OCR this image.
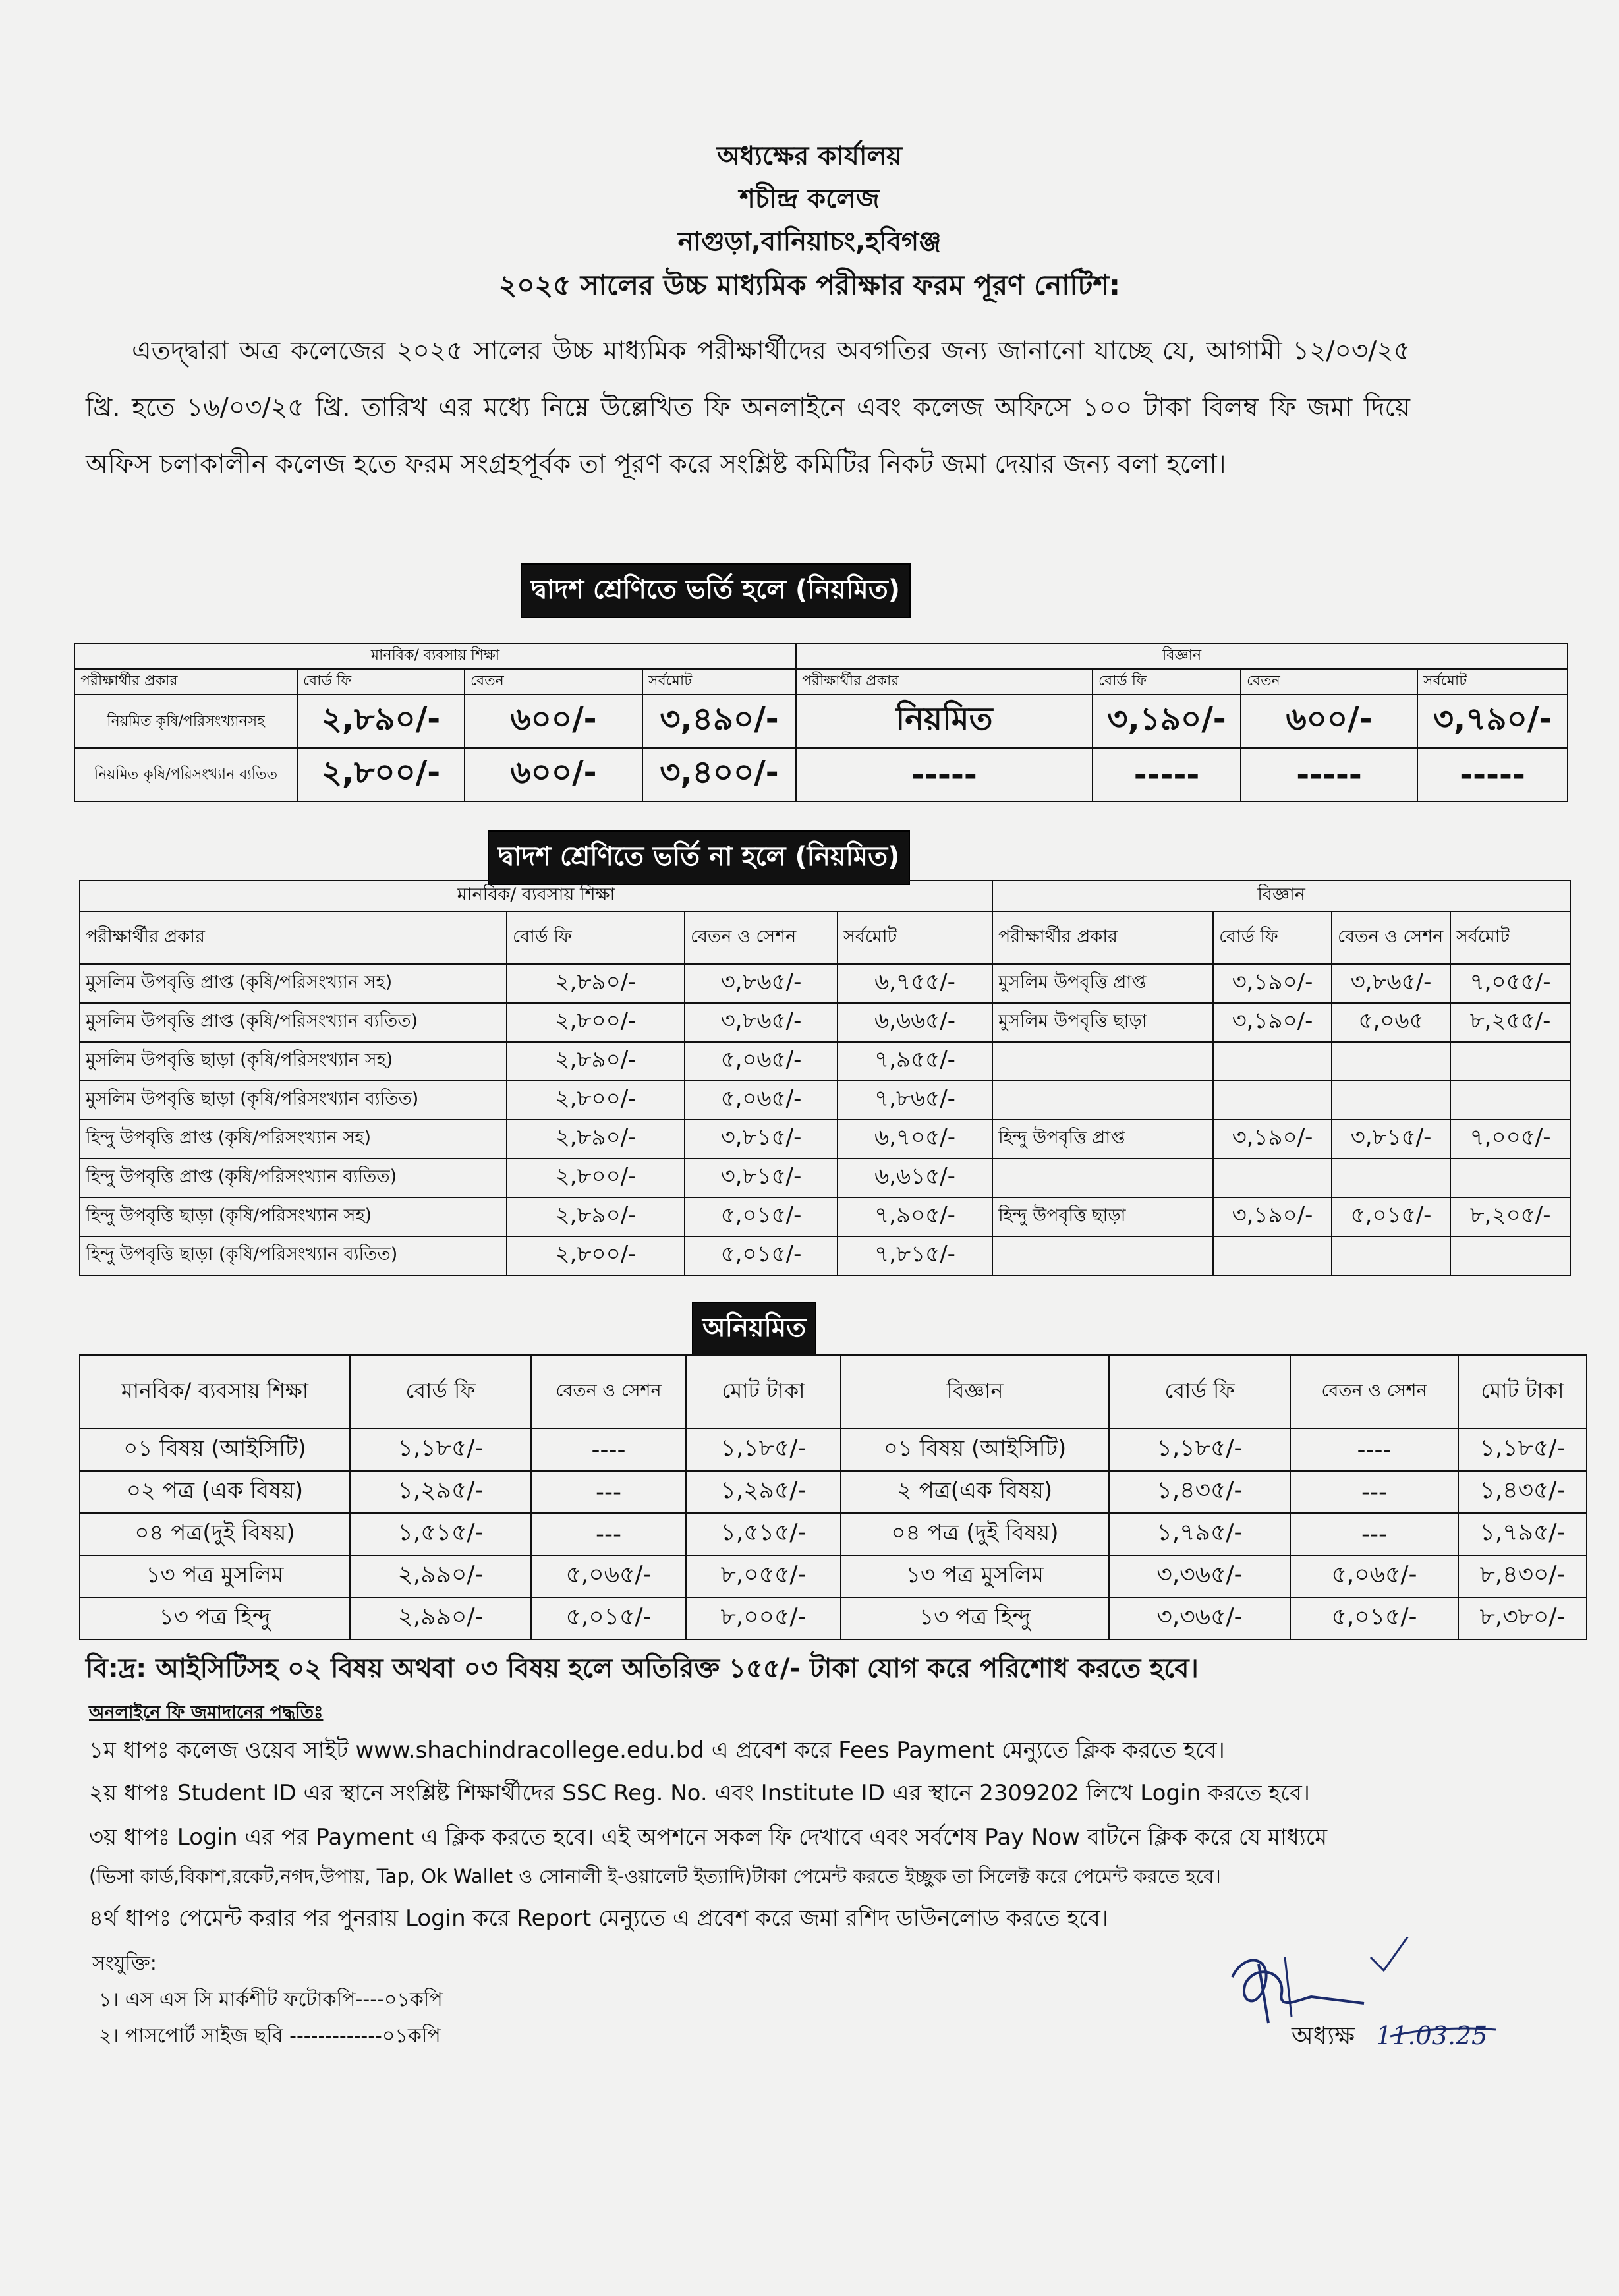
অধ্যক্ষের কার্যালয়
শচীন্দ্র কলেজ
নাগুড়া,বানিয়াচং,হবিগঞ্জ
২০২৫ সালের উচ্চ মাধ্যমিক পরীক্ষার ফরম পূরণ নোটিশ:
এতদ্দ্বারা অত্র কলেজের ২০২৫ সালের উচ্চ মাধ্যমিক পরীক্ষার্থীদের অবগতির জন্য জানানো যাচ্ছে যে, আগামী ১২/০৩/২৫ খ্রি. হতে ১৬/০৩/২৫ খ্রি. তারিখ এর মধ্যে নিম্নে উল্লেখিত ফি অনলাইনে এবং কলেজ অফিসে ১০০ টাকা বিলম্ব ফি জমা দিয়ে অফিস চলাকালীন কলেজ হতে ফরম সংগ্রহপূর্বক তা পূরণ করে সংশ্লিষ্ট কমিটির নিকট জমা দেয়ার জন্য বলা হলো।
দ্বাদশ শ্রেণিতে ভর্তি হলে (নিয়মিত)
মানবিক/ ব্যবসায় শিক্ষা				বিজ্ঞান			
পরীক্ষার্থীর প্রকার	বোর্ড ফি	বেতন	সর্বমোট	পরীক্ষার্থীর প্রকার	বোর্ড ফি	বেতন	সর্বমোট
নিয়মিত কৃষি/পরিসংখ্যানসহ	২,৮৯০/-	৬০০/-	৩,৪৯০/-	নিয়মিত	৩,১৯০/-	৬০০/-	৩,৭৯০/-
নিয়মিত কৃষি/পরিসংখ্যান ব্যতিত	২,৮০০/-	৬০০/-	৩,৪০০/-	-----	-----	-----	-----
দ্বাদশ শ্রেণিতে ভর্তি না হলে (নিয়মিত)
মানবিক/ ব্যবসায় শিক্ষা				বিজ্ঞান			
পরীক্ষার্থীর প্রকার	বোর্ড ফি	বেতন ও সেশন	সর্বমোট	পরীক্ষার্থীর প্রকার	বোর্ড ফি	বেতন ও সেশন	সর্বমোট
মুসলিম উপবৃত্তি প্রাপ্ত (কৃষি/পরিসংখ্যান সহ)	২,৮৯০/-	৩,৮৬৫/-	৬,৭৫৫/-	মুসলিম উপবৃত্তি প্রাপ্ত	৩,১৯০/-	৩,৮৬৫/-	৭,০৫৫/-
মুসলিম উপবৃত্তি প্রাপ্ত (কৃষি/পরিসংখ্যান ব্যতিত)	২,৮০০/-	৩,৮৬৫/-	৬,৬৬৫/-	মুসলিম উপবৃত্তি ছাড়া	৩,১৯০/-	৫,০৬৫	৮,২৫৫/-
মুসলিম উপবৃত্তি ছাড়া (কৃষি/পরিসংখ্যান সহ)	২,৮৯০/-	৫,০৬৫/-	৭,৯৫৫/-				
মুসলিম উপবৃত্তি ছাড়া (কৃষি/পরিসংখ্যান ব্যতিত)	২,৮০০/-	৫,০৬৫/-	৭,৮৬৫/-				
হিন্দু উপবৃত্তি প্রাপ্ত (কৃষি/পরিসংখ্যান সহ)	২,৮৯০/-	৩,৮১৫/-	৬,৭০৫/-	হিন্দু উপবৃত্তি প্রাপ্ত	৩,১৯০/-	৩,৮১৫/-	৭,০০৫/-
হিন্দু উপবৃত্তি প্রাপ্ত (কৃষি/পরিসংখ্যান ব্যতিত)	২,৮০০/-	৩,৮১৫/-	৬,৬১৫/-				
হিন্দু উপবৃত্তি ছাড়া (কৃষি/পরিসংখ্যান সহ)	২,৮৯০/-	৫,০১৫/-	৭,৯০৫/-	হিন্দু উপবৃত্তি ছাড়া	৩,১৯০/-	৫,০১৫/-	৮,২০৫/-
হিন্দু উপবৃত্তি ছাড়া (কৃষি/পরিসংখ্যান ব্যতিত)	২,৮০০/-	৫,০১৫/-	৭,৮১৫/-				
অনিয়মিত
মানবিক/ ব্যবসায় শিক্ষা	বোর্ড ফি	বেতন ও সেশন	মোট টাকা	বিজ্ঞান	বোর্ড ফি	বেতন ও সেশন	মোট টাকা
০১ বিষয় (আইসিটি)	১,১৮৫/-	----	১,১৮৫/-	০১ বিষয় (আইসিটি)	১,১৮৫/-	----	১,১৮৫/-
০২ পত্র (এক বিষয়)	১,২৯৫/-	---	১,২৯৫/-	২ পত্র(এক বিষয়)	১,৪৩৫/-	---	১,৪৩৫/-
০৪ পত্র(দুই বিষয়)	১,৫১৫/-	---	১,৫১৫/-	০৪ পত্র (দুই বিষয়)	১,৭৯৫/-	---	১,৭৯৫/-
১৩ পত্র মুসলিম	২,৯৯০/-	৫,০৬৫/-	৮,০৫৫/-	১৩ পত্র মুসলিম	৩,৩৬৫/-	৫,০৬৫/-	৮,৪৩০/-
১৩ পত্র হিন্দু	২,৯৯০/-	৫,০১৫/-	৮,০০৫/-	১৩ পত্র হিন্দু	৩,৩৬৫/-	৫,০১৫/-	৮,৩৮০/-
বি:দ্র: আইসিটিসহ ০২ বিষয় অথবা ০৩ বিষয় হলে অতিরিক্ত ১৫৫/- টাকা যোগ করে পরিশোধ করতে হবে।
অনলাইনে ফি জমাদানের পদ্ধতিঃ
১ম ধাপঃ কলেজ ওয়েব সাইট www.shachindracollege.edu.bd এ প্রবেশ করে Fees Payment মেন্যুতে ক্লিক করতে হবে।
২য় ধাপঃ Student ID এর স্থানে সংশ্লিষ্ট শিক্ষার্থীদের SSC Reg. No. এবং Institute ID এর স্থানে 2309202 লিখে Login করতে হবে।
৩য় ধাপঃ Login এর পর Payment এ ক্লিক করতে হবে। এই অপশনে সকল ফি দেখাবে এবং সর্বশেষ Pay Now বাটনে ক্লিক করে যে মাধ্যমে
(ভিসা কার্ড,বিকাশ,রকেট,নগদ,উপায়, Tap, Ok Wallet ও সোনালী ই-ওয়ালেট ইত্যাদি)টাকা পেমেন্ট করতে ইচ্ছুক তা সিলেক্ট করে পেমেন্ট করতে হবে।
৪র্থ ধাপঃ পেমেন্ট করার পর পুনরায় Login করে Report মেন্যুতে এ প্রবেশ করে জমা রশিদ ডাউনলোড করতে হবে।
সংযুক্তি:
১। এস এস সি মার্কশীট ফটোকপি----০১কপি
২। পাসপোর্ট সাইজ ছবি -------------০১কপি	অধ্যক্ষ 11.03.25
